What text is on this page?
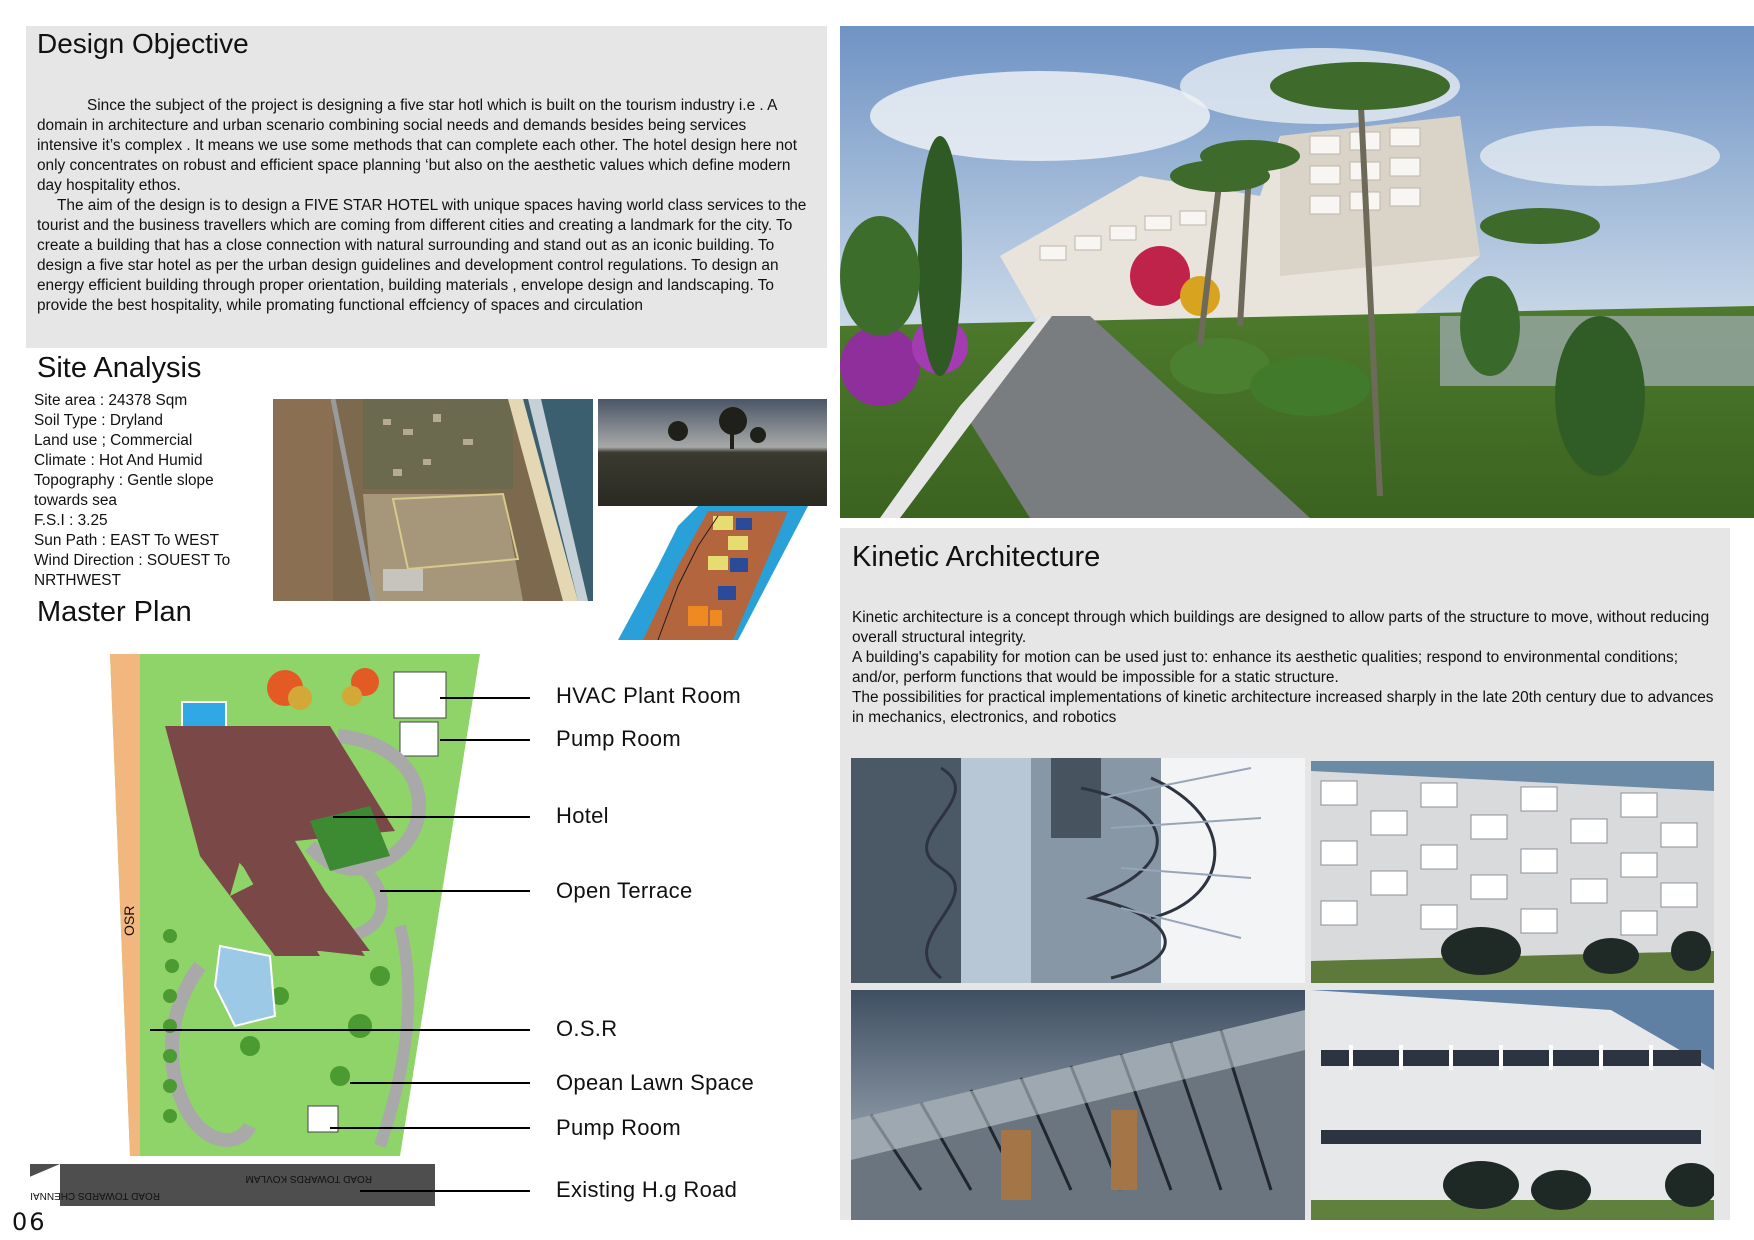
Design Objective

Since the subject of the project is designing a five star hotl which is built on the tourism industry i.e . A domain in architecture and urban scenario combining social needs and demands besides being services intensive it’s complex . It means we use some methods that can complete each other. The hotel design here not only concentrates on robust and efficient space planning ‘but also on the aesthetic values which define modern day hospitality ethos.

The aim of the design is to design a FIVE STAR HOTEL with unique spaces having world class services to the tourist and the business travellers which are coming from different cities and creating a landmark for the city. To create a building that has a close connection with natural surrounding and stand out as an iconic building. To design a five star hotel as per the urban design guidelines and development control regulations. To design an energy efficient building through proper orientation, building materials , envelope design and landscaping. To provide the best hospitality, while promating functional effciency of spaces and circulation

Site Analysis
Site area : 24378 Sqm
Soil Type : Dryland
Land use ; Commercial
Climate : Hot And Humid
Topography : Gentle slope
towards sea
F.S.I : 3.25
Sun Path : EAST To WEST
Wind Direction : SOUEST To
NRTHWEST
Master Plan
ROAD TOWARDS KOVLAM
ROAD TOWARDS CHENNAI
OSR
HVAC Plant Room
Pump Room
Hotel
Open Terrace
O.S.R
Opean Lawn Space
Pump Room
Existing H.g Road
Kinetic Architecture

Kinetic architecture is a concept through which buildings are designed to allow parts of the structure to move, without reducing overall structural integrity.

A building's capability for motion can be used just to: enhance its aesthetic qualities; respond to environmental conditions; and/or, perform functions that would be impossible for a static structure.

The possibilities for practical implementations of kinetic architecture increased sharply in the late 20th century due to advances in mechanics, electronics, and robotics

06
